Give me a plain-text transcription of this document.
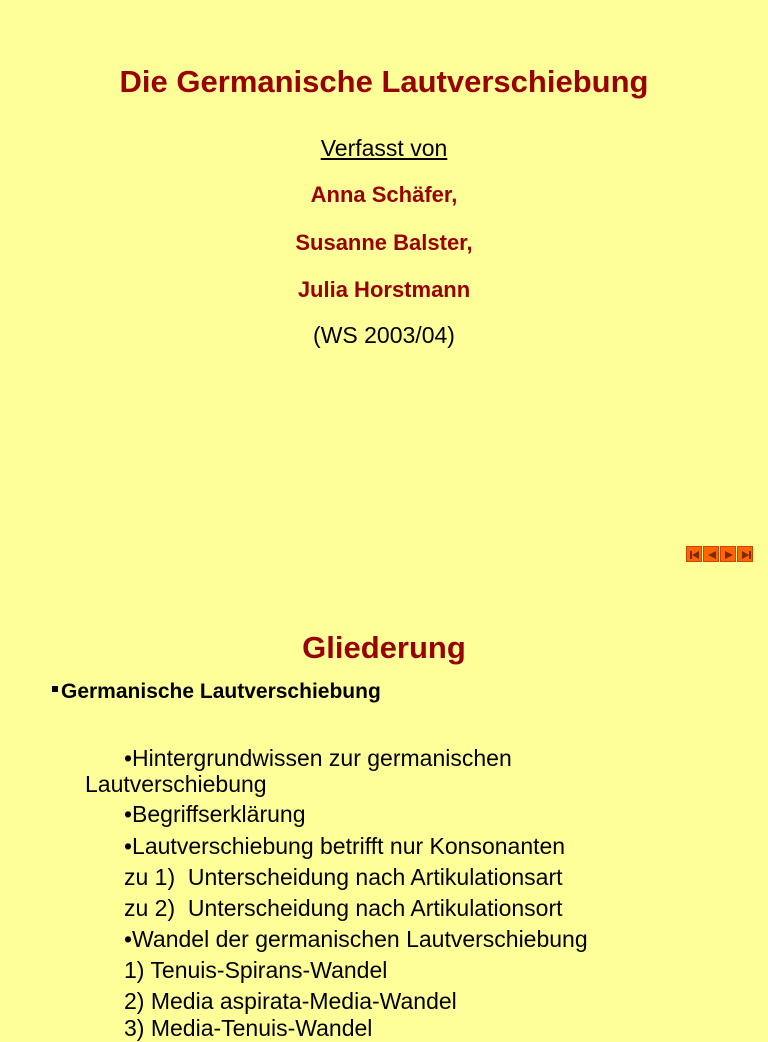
Die Germanische Lautverschiebung
Verfasst von
Anna Schäfer,
Susanne Balster,
Julia Horstmann
(WS 2003/04)
Gliederung
Germanische Lautverschiebung
•Hintergrundwissen zur germanischen
Lautverschiebung
•Begriffserklärung
•Lautverschiebung betrifft nur Konsonanten
zu 1)  Unterscheidung nach Artikulationsart
zu 2)  Unterscheidung nach Artikulationsort
•Wandel der germanischen Lautverschiebung
1) Tenuis-Spirans-Wandel
2) Media aspirata-Media-Wandel
3) Media-Tenuis-Wandel
